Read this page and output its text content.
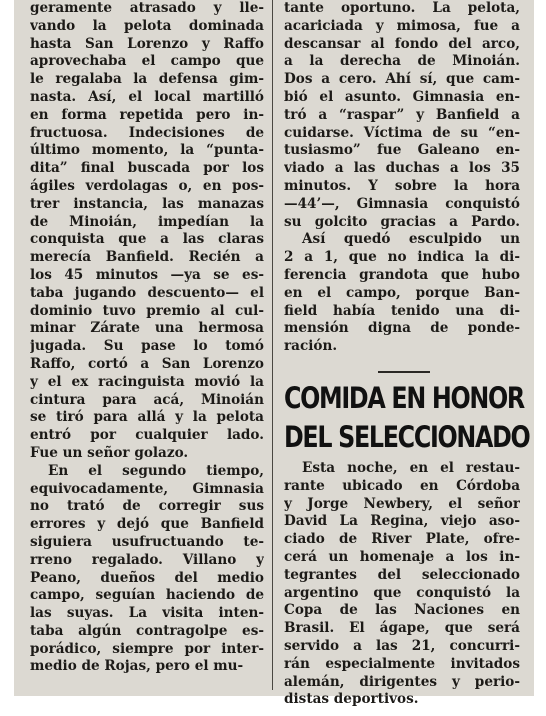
geramente atrasado y lle-
vando la pelota dominada
hasta San Lorenzo y Raffo
aprovechaba el campo que
le regalaba la defensa gim-
nasta. Así, el local martilló
en forma repetida pero in-
fructuosa. Indecisiones de
último momento, la “punta-
dita” final buscada por los
ágiles verdolagas o, en pos-
trer instancia, las manazas
de Minoián, impedían la
conquista que a las claras
merecía Banfield. Recién a
los 45 minutos —ya se es-
taba jugando descuento— el
dominio tuvo premio al cul-
minar Zárate una hermosa
jugada. Su pase lo tomó
Raffo, cortó a San Lorenzo
y el ex racinguista movió la
cintura para acá, Minoián
se tiró para allá y la pelota
entró por cualquier lado.
Fue un señor golazo.
En el segundo tiempo,
equivocadamente, Gimnasia
no trató de corregir sus
errores y dejó que Banfield
siguiera usufructuando te-
rreno regalado. Villano y
Peano, dueños del medio
campo, seguían haciendo de
las suyas. La visita inten-
taba algún contragolpe es-
porádico, siempre por inter-
medio de Rojas, pero el mu-
tante oportuno. La pelota,
acariciada y mimosa, fue a
descansar al fondo del arco,
a la derecha de Minoián.
Dos a cero. Ahí sí, que cam-
bió el asunto. Gimnasia en-
tró a “raspar” y Banfield a
cuidarse. Víctima de su “en-
tusiasmo” fue Galeano en-
viado a las duchas a los 35
minutos. Y sobre la hora
—44’—, Gimnasia conquistó
su golcito gracias a Pardo.
Así quedó esculpido un
2 a 1, que no indica la di-
ferencia grandota que hubo
en el campo, porque Ban-
field había tenido una di-
mensión digna de ponde-
ración.
COMIDA EN HONOR
DEL SELECCIONADO
Esta noche, en el restau-
rante ubicado en Córdoba
y Jorge Newbery, el señor
David La Regina, viejo aso-
ciado de River Plate, ofre-
cerá un homenaje a los in-
tegrantes del seleccionado
argentino que conquistó la
Copa de las Naciones en
Brasil. El ágape, que será
servido a las 21, concurri-
rán especialmente invitados
alemán, dirigentes y perio-
distas deportivos.
